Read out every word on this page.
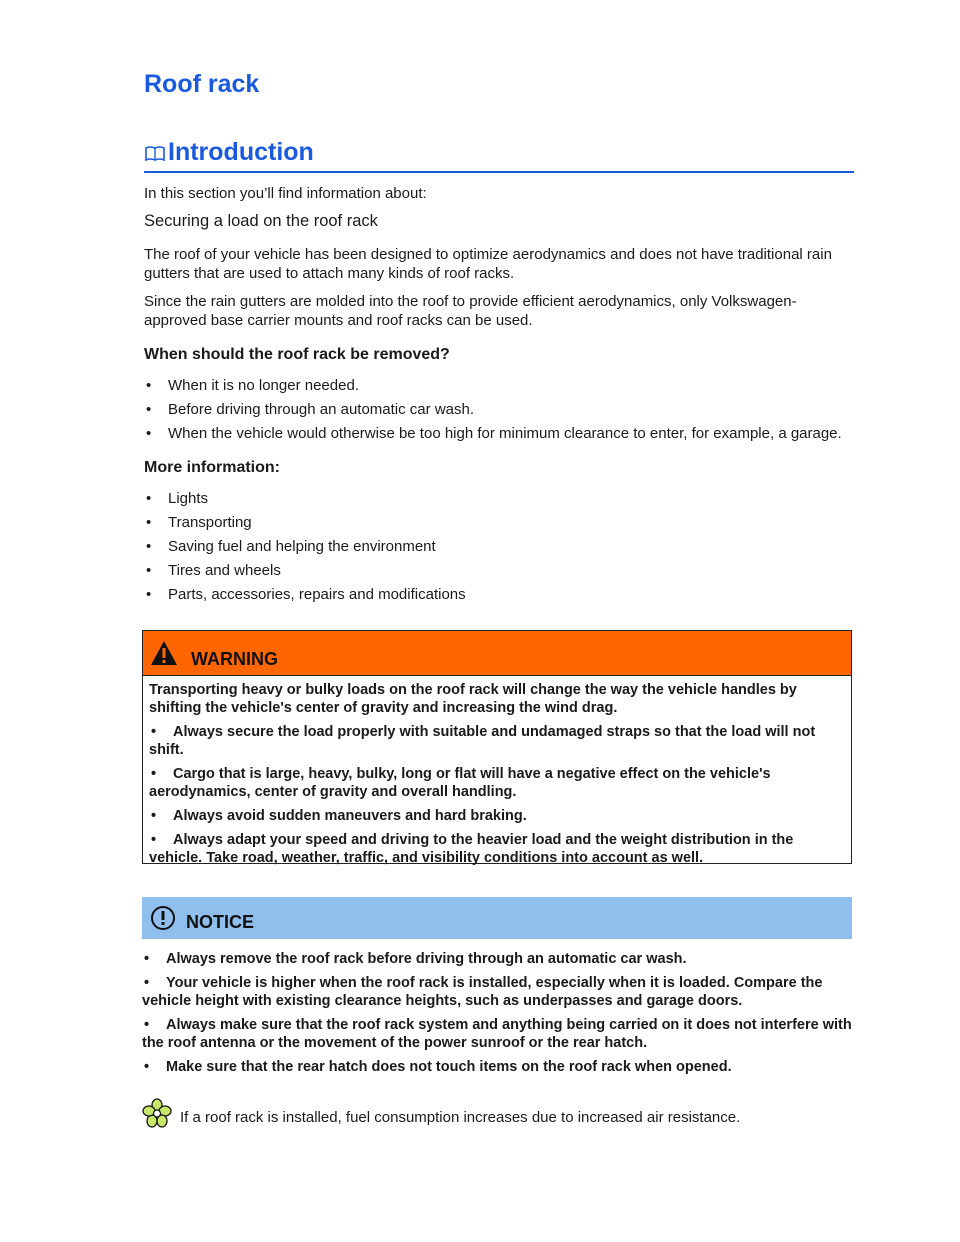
Roof rack
Introduction

In this section you’ll find information about:

Securing a load on the roof rack

The roof of your vehicle has been designed to optimize aerodynamics and does not have traditional rain gutters that are used to attach many kinds of roof racks.

Since the rain gutters are molded into the roof to provide efficient aerodynamics, only Volkswagen-approved base carrier mounts and roof racks can be used.

When should the roof rack be removed?

• When it is no longer needed.

• Before driving through an automatic car wash.

• When the vehicle would otherwise be too high for minimum clearance to enter, for example, a garage.

More information:

• Lights

• Transporting

• Saving fuel and helping the environment

• Tires and wheels

• Parts, accessories, repairs and modifications

WARNING

Transporting heavy or bulky loads on the roof rack will change the way the vehicle handles by shifting the vehicle's center of gravity and increasing the wind drag.

• Always secure the load properly with suitable and undamaged straps so that the load will not shift.

• Cargo that is large, heavy, bulky, long or flat will have a negative effect on the vehicle's aerodynamics, center of gravity and overall handling.

• Always avoid sudden maneuvers and hard braking.

• Always adapt your speed and driving to the heavier load and the weight distribution in the vehicle. Take road, weather, traffic, and visibility conditions into account as well.

NOTICE

• Always remove the roof rack before driving through an automatic car wash.

• Your vehicle is higher when the roof rack is installed, especially when it is loaded. Compare the vehicle height with existing clearance heights, such as underpasses and garage doors.

• Always make sure that the roof rack system and anything being carried on it does not interfere with the roof antenna or the movement of the power sunroof or the rear hatch.

• Make sure that the rear hatch does not touch items on the roof rack when opened.

If a roof rack is installed, fuel consumption increases due to increased air resistance.
